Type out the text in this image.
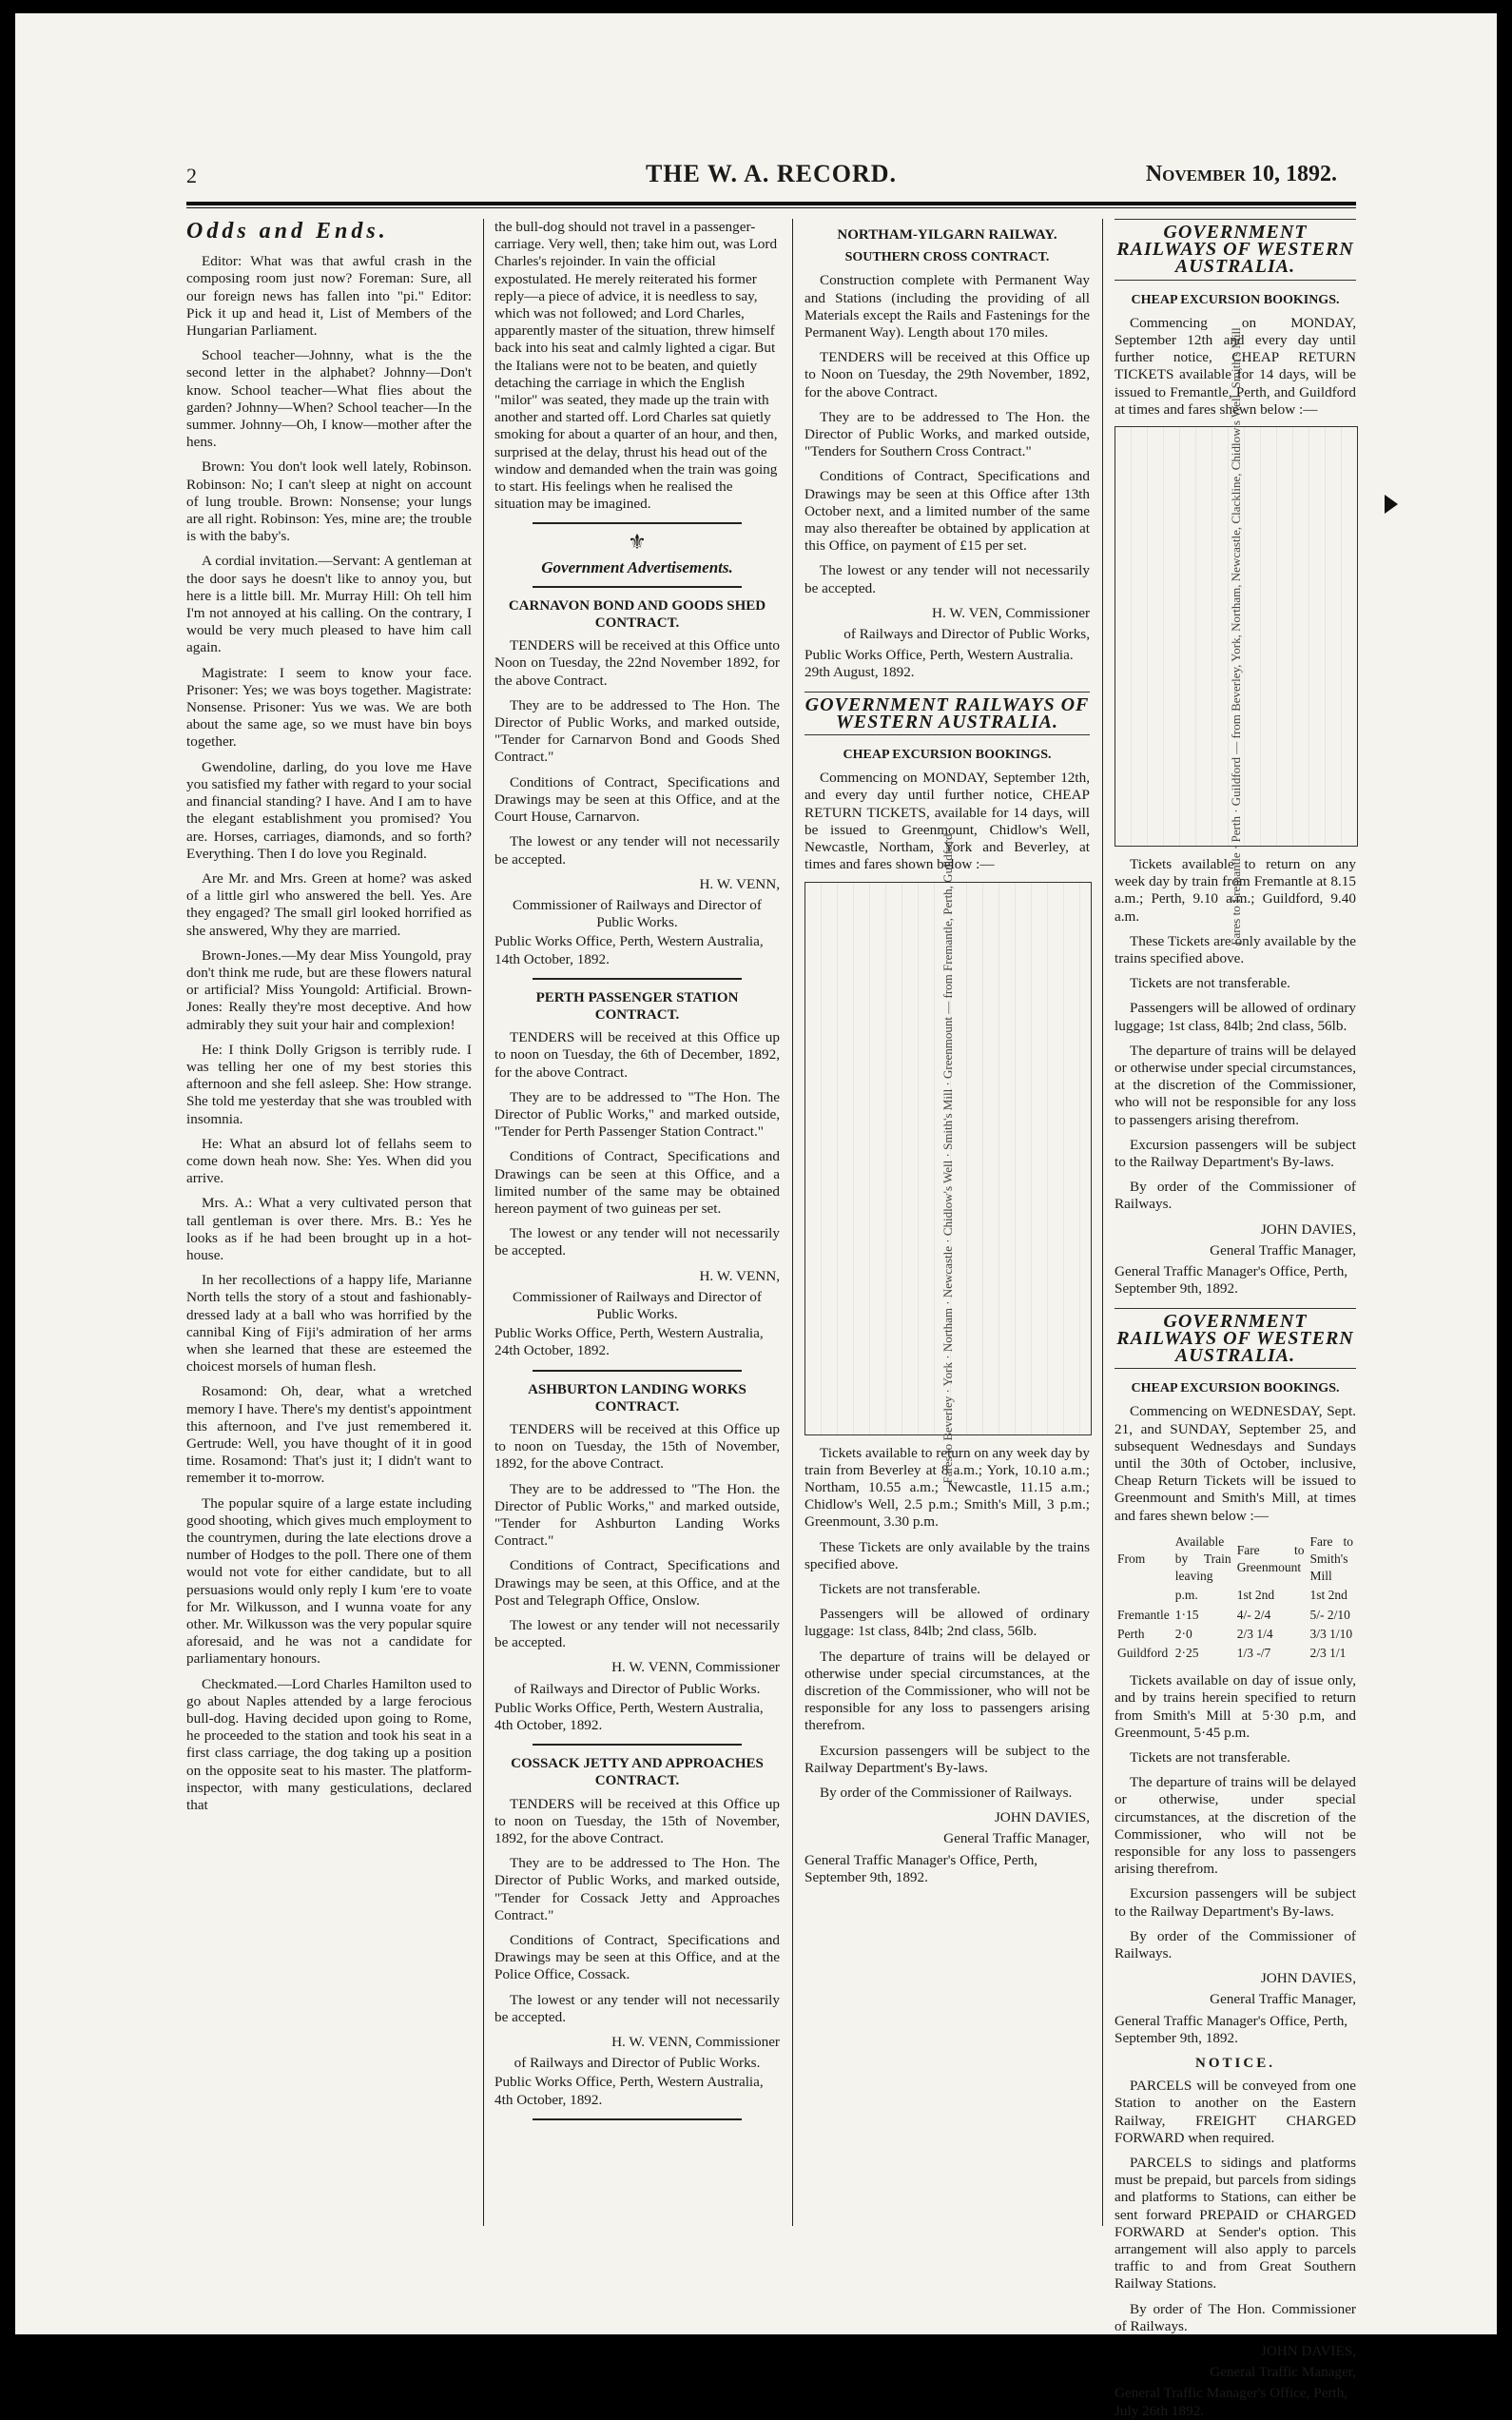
2	THE W. A. RECORD.	November 10, 1892.
Odds and Ends.

Editor: What was that awful crash in the composing room just now? Foreman: Sure, all our foreign news has fallen into "pi." Editor: Pick it up and head it, List of Members of the Hungarian Parliament.

School teacher—Johnny, what is the the second letter in the alphabet? Johnny—Don't know. School teacher—What flies about the garden? Johnny—When? School teacher—In the summer. Johnny—Oh, I know—mother after the hens.

Brown: You don't look well lately, Robinson. Robinson: No; I can't sleep at night on account of lung trouble. Brown: Nonsense; your lungs are all right. Robinson: Yes, mine are; the trouble is with the baby's.

A cordial invitation.—Servant: A gentleman at the door says he doesn't like to annoy you, but here is a little bill. Mr. Murray Hill: Oh tell him I'm not annoyed at his calling. On the contrary, I would be very much pleased to have him call again.

Magistrate: I seem to know your face. Prisoner: Yes; we was boys together. Magistrate: Nonsense. Prisoner: Yus we was. We are both about the same age, so we must have bin boys together.

Gwendoline, darling, do you love me Have you satisfied my father with regard to your social and financial standing? I have. And I am to have the elegant establishment you promised? You are. Horses, carriages, diamonds, and so forth? Everything. Then I do love you Reginald.

Are Mr. and Mrs. Green at home? was asked of a little girl who answered the bell. Yes. Are they engaged? The small girl looked horrified as she answered, Why they are married.

Brown-Jones.—My dear Miss Youngold, pray don't think me rude, but are these flowers natural or artificial? Miss Youngold: Artificial. Brown-Jones: Really they're most deceptive. And how admirably they suit your hair and complexion!

He: I think Dolly Grigson is terribly rude. I was telling her one of my best stories this afternoon and she fell asleep. She: How strange. She told me yesterday that she was troubled with insomnia.

He: What an absurd lot of fellahs seem to come down heah now. She: Yes. When did you arrive.

Mrs. A.: What a very cultivated person that tall gentleman is over there. Mrs. B.: Yes he looks as if he had been brought up in a hot-house.

In her recollections of a happy life, Marianne North tells the story of a stout and fashionably-dressed lady at a ball who was horrified by the cannibal King of Fiji's admiration of her arms when she learned that these are esteemed the choicest morsels of human flesh.

Rosamond: Oh, dear, what a wretched memory I have. There's my dentist's appointment this afternoon, and I've just remembered it. Gertrude: Well, you have thought of it in good time. Rosamond: That's just it; I didn't want to remember it to-morrow.

The popular squire of a large estate including good shooting, which gives much employment to the countrymen, during the late elections drove a number of Hodges to the poll. There one of them would not vote for either candidate, but to all persuasions would only reply I kum 'ere to voate for Mr. Wilkusson, and I wunna voate for any other. Mr. Wilkusson was the very popular squire aforesaid, and he was not a candidate for parliamentary honours.

Checkmated.—Lord Charles Hamilton used to go about Naples attended by a large ferocious bull-dog. Having decided upon going to Rome, he proceeded to the station and took his seat in a first class carriage, the dog taking up a position on the opposite seat to his master. The platform-inspector, with many gesticulations, declared that

the bull-dog should not travel in a passenger-carriage. Very well, then; take him out, was Lord Charles's rejoinder. In vain the official expostulated. He merely reiterated his former reply—a piece of advice, it is needless to say, which was not followed; and Lord Charles, apparently master of the situation, threw himself back into his seat and calmly lighted a cigar. But the Italians were not to be beaten, and quietly detaching the carriage in which the English "milor" was seated, they made up the train with another and started off. Lord Charles sat quietly smoking for about a quarter of an hour, and then, surprised at the delay, thrust his head out of the window and demanded when the train was going to start. His feelings when he realised the situation may be imagined.

⚜
Government Advertisements.
CARNAVON BOND AND GOODS SHED CONTRACT.

TENDERS will be received at this Office unto Noon on Tuesday, the 22nd November 1892, for the above Contract.

They are to be addressed to The Hon. The Director of Public Works, and marked outside, "Tender for Carnarvon Bond and Goods Shed Contract."

Conditions of Contract, Specifications and Drawings may be seen at this Office, and at the Court House, Carnarvon.

The lowest or any tender will not necessarily be accepted.

H. W. VENN,
Commissioner of Railways and Director of Public Works.

Public Works Office, Perth, Western Australia, 14th October, 1892.

PERTH PASSENGER STATION CONTRACT.

TENDERS will be received at this Office up to noon on Tuesday, the 6th of December, 1892, for the above Contract.

They are to be addressed to "The Hon. The Director of Public Works," and marked outside, "Tender for Perth Passenger Station Contract."

Conditions of Contract, Specifications and Drawings can be seen at this Office, and a limited number of the same may be obtained hereon payment of two guineas per set.

The lowest or any tender will not necessarily be accepted.

H. W. VENN,
Commissioner of Railways and Director of Public Works.

Public Works Office, Perth, Western Australia, 24th October, 1892.

ASHBURTON LANDING WORKS CONTRACT.

TENDERS will be received at this Office up to noon on Tuesday, the 15th of November, 1892, for the above Contract.

They are to be addressed to "The Hon. the Director of Public Works," and marked outside, "Tender for Ashburton Landing Works Contract."

Conditions of Contract, Specifications and Drawings may be seen, at this Office, and at the Post and Telegraph Office, Onslow.

The lowest or any tender will not necessarily be accepted.

H. W. VENN, Commissioner
of Railways and Director of Public Works.

Public Works Office, Perth, Western Australia, 4th October, 1892.

COSSACK JETTY AND APPROACHES CONTRACT.

TENDERS will be received at this Office up to noon on Tuesday, the 15th of November, 1892, for the above Contract.

They are to be addressed to The Hon. The Director of Public Works, and marked outside, "Tender for Cossack Jetty and Approaches Contract."

Conditions of Contract, Specifications and Drawings may be seen at this Office, and at the Police Office, Cossack.

The lowest or any tender will not necessarily be accepted.

H. W. VENN, Commissioner
of Railways and Director of Public Works.

Public Works Office, Perth, Western Australia, 4th October, 1892.

NORTHAM-YILGARN RAILWAY.
SOUTHERN CROSS CONTRACT.

Construction complete with Permanent Way and Stations (including the providing of all Materials except the Rails and Fastenings for the Permanent Way). Length about 170 miles.

TENDERS will be received at this Office up to Noon on Tuesday, the 29th November, 1892, for the above Contract.

They are to be addressed to The Hon. the Director of Public Works, and marked outside, "Tenders for Southern Cross Contract."

Conditions of Contract, Specifications and Drawings may be seen at this Office after 13th October next, and a limited number of the same may also thereafter be obtained by application at this Office, on payment of £15 per set.

The lowest or any tender will not necessarily be accepted.

H. W. VEN, Commissioner
of Railways and Director of Public Works,

Public Works Office, Perth, Western Australia. 29th August, 1892.

GOVERNMENT RAILWAYS OF WESTERN AUSTRALIA.
CHEAP EXCURSION BOOKINGS.

Commencing on MONDAY, September 12th, and every day until further notice, CHEAP RETURN TICKETS, available for 14 days, will be issued to Greenmount, Chidlow's Well, Newcastle, Northam, York and Beverley, at times and fares shown below :—

Fares to Beverley · York · Northam · Newcastle · Chidlow's Well · Smith's Mill · Greenmount — from Fremantle, Perth, Guildford

Tickets available to return on any week day by train from Beverley at 8 a.m.; York, 10.10 a.m.; Northam, 10.55 a.m.; Newcastle, 11.15 a.m.; Chidlow's Well, 2.5 p.m.; Smith's Mill, 3 p.m.; Greenmount, 3.30 p.m.

These Tickets are only available by the trains specified above.

Tickets are not transferable.

Passengers will be allowed of ordinary luggage: 1st class, 84lb; 2nd class, 56lb.

The departure of trains will be delayed or otherwise under special circumstances, at the discretion of the Commissioner, who will not be responsible for any loss to passengers arising therefrom.

Excursion passengers will be subject to the Railway Department's By-laws.

By order of the Commissioner of Railways.

JOHN DAVIES,
General Traffic Manager,

General Traffic Manager's Office, Perth, September 9th, 1892.

GOVERNMENT RAILWAYS OF WESTERN AUSTRALIA.
CHEAP EXCURSION BOOKINGS.

Commencing on MONDAY, September 12th and every day until further notice, CHEAP RETURN TICKETS available for 14 days, will be issued to Fremantle, Perth, and Guildford at times and fares shewn below :—

Fares to Fremantle · Perth · Guildford — from Beverley, York, Northam, Newcastle, Clackline, Chidlow's Well, Smith's Mill

Tickets available to return on any week day by train from Fremantle at 8.15 a.m.; Perth, 9.10 a.m.; Guildford, 9.40 a.m.

These Tickets are only available by the trains specified above.

Tickets are not transferable.

Passengers will be allowed of ordinary luggage; 1st class, 84lb; 2nd class, 56lb.

The departure of trains will be delayed or otherwise under special circumstances, at the discretion of the Commissioner, who will not be responsible for any loss to passengers arising therefrom.

Excursion passengers will be subject to the Railway Department's By-laws.

By order of the Commissioner of Railways.

JOHN DAVIES,
General Traffic Manager,

General Traffic Manager's Office, Perth, September 9th, 1892.

GOVERNMENT RAILWAYS OF WESTERN AUSTRALIA.
CHEAP EXCURSION BOOKINGS.

Commencing on WEDNESDAY, Sept. 21, and SUNDAY, September 25, and subsequent Wednesdays and Sundays until the 30th of October, inclusive, Cheap Return Tickets will be issued to Greenmount and Smith's Mill, at times and fares shewn below :—

From	Available by Train leaving	Fare to Greenmount	Fare to Smith's Mill
	p.m.	1st 2nd	1st 2nd
Fremantle	1·15	4/- 2/4	5/- 2/10
Perth	2·0	2/3 1/4	3/3 1/10
Guildford	2·25	1/3 -/7	2/3 1/1

Tickets available on day of issue only, and by trains herein specified to return from Smith's Mill at 5·30 p.m, and Greenmount, 5·45 p.m.

Tickets are not transferable.

The departure of trains will be delayed or otherwise, under special circumstances, at the discretion of the Commissioner, who will not be responsible for any loss to passengers arising therefrom.

Excursion passengers will be subject to the Railway Department's By-laws.

By order of the Commissioner of Railways.

JOHN DAVIES,
General Traffic Manager,

General Traffic Manager's Office, Perth, September 9th, 1892.

NOTICE.

PARCELS will be conveyed from one Station to another on the Eastern Railway, FREIGHT CHARGED FORWARD when required.

PARCELS to sidings and platforms must be prepaid, but parcels from sidings and platforms to Stations, can either be sent forward PREPAID or CHARGED FORWARD at Sender's option. This arrangement will also apply to parcels traffic to and from Great Southern Railway Stations.

By order of The Hon. Commissioner of Railways.

JOHN DAVIES,
General Traffic Manager,

General Traffic Manager's Office, Perth, July 26th 1892.
